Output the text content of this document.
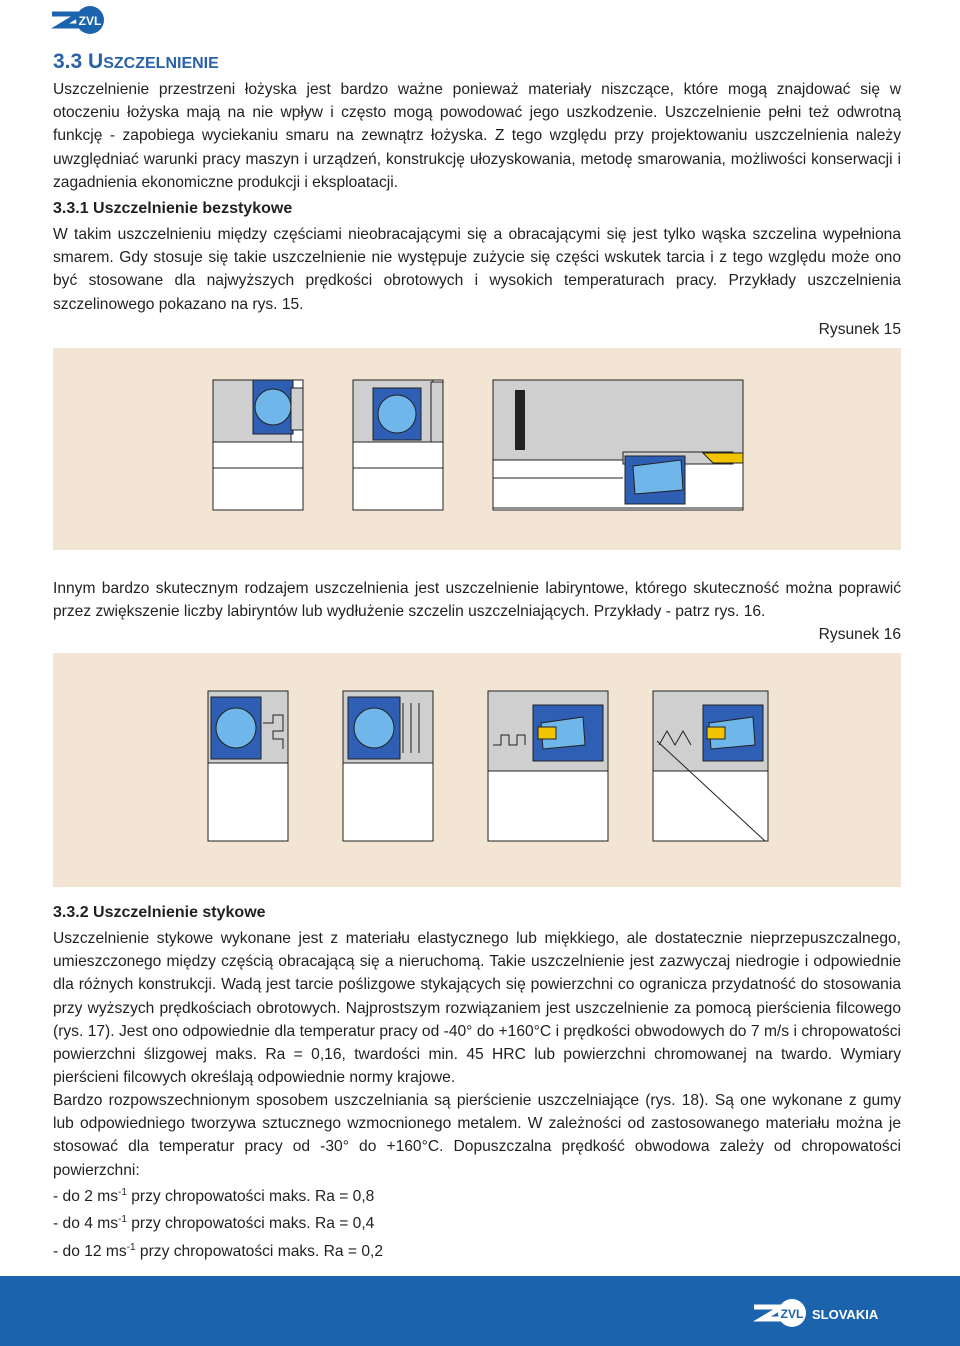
ZVL
3.3 USZCZELNIENIE

Uszczelnienie przestrzeni łożyska jest bardzo ważne ponieważ materiały niszczące, które mogą znajdować się w otoczeniu łożyska mają na nie wpływ i często mogą powodować jego uszkodzenie. Uszczelnienie pełni też odwrotną funkcję - zapobiega wyciekaniu smaru na zewnątrz łożyska. Z tego względu przy projektowaniu uszczelnienia należy uwzględniać warunki pracy maszyn i urządzeń, konstrukcję ułozyskowania, metodę smarowania, możliwości konserwacji i zagadnienia ekonomiczne produkcji i eksploatacji.

3.3.1 Uszczelnienie bezstykowe

W takim uszczelnieniu między częściami nieobracającymi się a obracającymi się jest tylko wąska szczelina wypełniona smarem. Gdy stosuje się takie uszczelnienie nie występuje zużycie się części wskutek tarcia i z tego względu może ono być stosowane dla najwyższych prędkości obrotowych i wysokich temperaturach pracy. Przykłady uszczelnienia szczelinowego pokazano na rys. 15.

Rysunek 15

Innym bardzo skutecznym rodzajem uszczelnienia jest uszczelnienie labiryntowe, którego skuteczność można poprawić przez zwiększenie liczby labiryntów lub wydłużenie szczelin uszczelniających. Przykłady - patrz rys. 16.

Rysunek 16

3.3.2 Uszczelnienie stykowe

Uszczelnienie stykowe wykonane jest z materiału elastycznego lub miękkiego, ale dostatecznie nieprzepuszczalnego, umieszczonego między częścią obracającą się a nieruchomą. Takie uszczelnienie jest zazwyczaj niedrogie i odpowiednie dla różnych konstrukcji. Wadą jest tarcie poślizgowe stykających się powierzchni co ogranicza przydatność do stosowania przy wyższych prędkościach obrotowych. Najprostszym rozwiązaniem jest uszczelnienie za pomocą pierścienia filcowego (rys. 17). Jest ono odpowiednie dla temperatur pracy od -40° do +160°C i prędkości obwodowych do 7 m/s i chropowatości powierzchni ślizgowej maks. Ra = 0,16, twardości min. 45 HRC lub powierzchni chromowanej na twardo. Wymiary pierścieni filcowych określają odpowiednie normy krajowe.

Bardzo rozpowszechnionym sposobem uszczelniania są pierścienie uszczelniające (rys. 18). Są one wykonane z gumy lub odpowiedniego tworzywa sztucznego wzmocnionego metalem. W zależności od zastosowanego materiału można je stosować dla temperatur pracy od -30° do +160°C. Dopuszczalna prędkość obwodowa zależy od chropowatości powierzchni:

- do 2 $ms^{-1}$ przy chropowatości maks. Ra = 0,8
- do 4 $ms^{-1}$ przy chropowatości maks. Ra = 0,4
- do 12 $ms^{-1}$ przy chropowatości maks. Ra = 0,2
ZVL SLOVAKIA
